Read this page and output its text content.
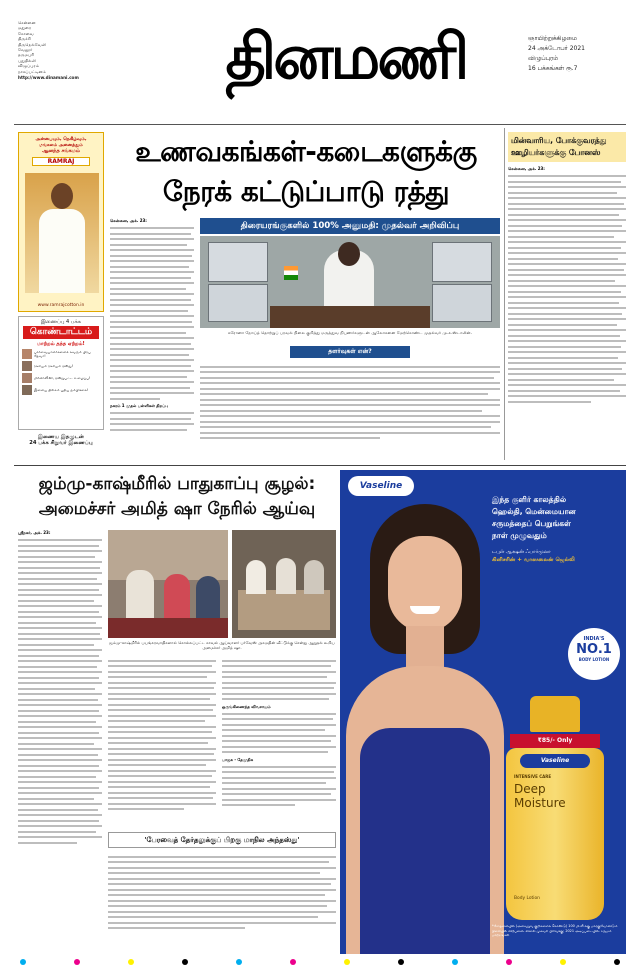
சென்னை
மதுரை
கோவை
திருச்சி
திருநெல்வேலி
வேலூர்
தருமபுரி
புதுதில்லி
விழுப்புரம்
நாகப்பட்டினம்
http://www.dinamani.com	தினமணி	ஞாயிற்றுக்கிழமை
24 அக்டோபர் 2021
விழுப்புரம்
16 பக்கங்கள் ரூ.7
அன்பையும், நெகிழ்வும்,
மங்கலம் அனைத்தும்
ஆனந்த சங்கமம்
RAMRAJ
www.ramrajcotton.in
இணைப்பு 4 பக்க
கொண்டாட்டம்
மாற்றம் தந்த ஏற்றம்!
பார்வையாளர்களைக் கவரும் பிரபு தேவா!
ரகசியம் ரகசியம் ஒன்று!
மிர்னாலினி, ஒன்றுபட்ட உழைப்பு!
இளைய திலகம் புதிய நம்பிக்கை!
இணைய இதழுடன்
24 பக்க சிறுவர் இணைப்பு
உணவகங்கள்-கடைகளுக்கு
நேரக் கட்டுப்பாடு ரத்து
சென்னை, அக். 23:
நகரம் 1 முதல் பள்ளிகள் திறப்பு
திரையரங்குகளில் 100% அனுமதி: முதல்வர் அறிவிப்பு
கரோனா நோய்த் தொற்றுப் பரவல் நிலை குறித்து மருத்துவ நிபுணர்களுடன் ஆலோசனை மேற்கொண்ட முதல்வர் மு.க.ஸ்டாலின்.
தளர்வுகள் என்?
மின்வாரிய, போக்குவரத்து
ஊழியர்களுக்கு போனஸ்
சென்னை, அக். 23:
ஜம்மு-காஷ்மீரில் பாதுகாப்பு சூழல்:
அமைச்சர் அமித் ஷா நேரில் ஆய்வு
ஸ்ரீநகர், அக். 23:
ஜம்மு-காஷ்மீரில் பயங்கரவாதிகளால் கொல்லப்பட்ட காவல் ஆய்வாளர் பர்வேஸ் அகமதின் வீட்டுக்கு சென்று ஆறுதல் கூறிய அமைச்சர் அமித் ஷா.
ஒருங்கிணைந்த விவசாயம்
பாஜக - தேமுதிக
'பேரவைத் தேர்தலுக்குப் பிறகு மாநில அந்தஸ்து'
Vaseline
இந்த குளிர் காலத்தில்
ஹெல்தி, மென்மையான
சருமத்தைப் பெறுங்கள்
நாள் முழுவதும்
டபுள் ஆக்ஷன் ஃபார்முலா
கிளிசரின் + வாஸலைன் ஜெல்லி
INDIA'S
NO.1
BODY LOTION
₹85/- Only
Vaseline
INTENSIVE CARE
Deep
Moisture
Body Lotion
*சோதனையில் (அளவறுவு குறிகளைக் கொண்டு) 100 மி.லி.க்கு மாரகுவோவிடும் நிலையில் விற்பனை. விலை முகவரி பிரிவுக்கு; 2021 அடிப்படையில். சருமம் மாற்றங்கள்
